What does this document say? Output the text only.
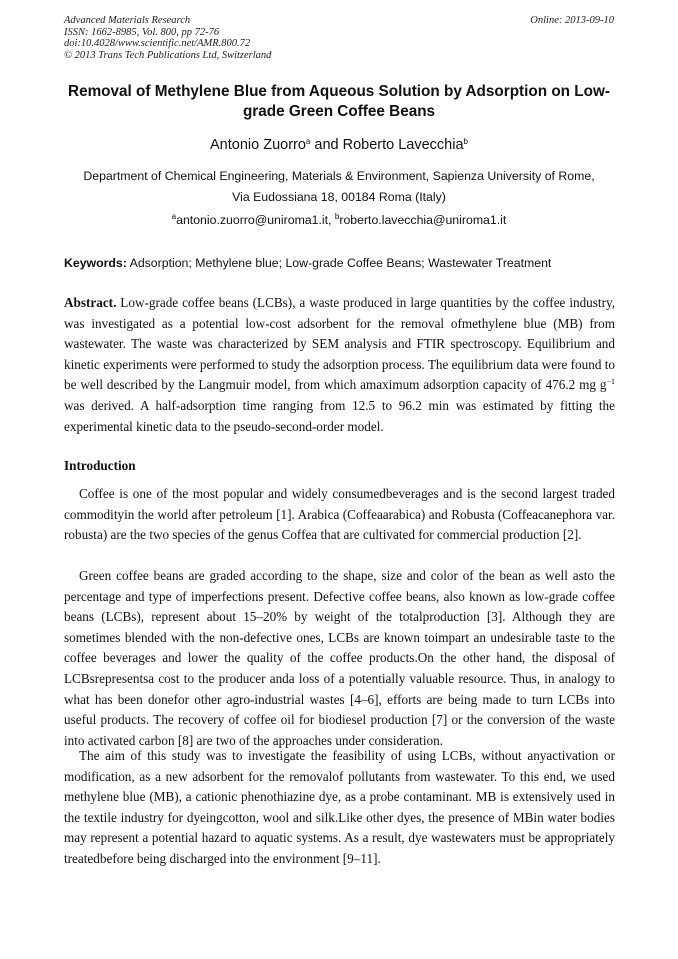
Advanced Materials Research
ISSN: 1662-8985, Vol. 800, pp 72-76
doi:10.4028/www.scientific.net/AMR.800.72
© 2013 Trans Tech Publications Ltd, Switzerland
Online: 2013-09-10
Removal of Methylene Blue from Aqueous Solution by Adsorption on Low-grade Green Coffee Beans
Antonio Zuorro$^a$ and Roberto Lavecchia$^b$
Department of Chemical Engineering, Materials & Environment, Sapienza University of Rome,
Via Eudossiana 18, 00184 Roma (Italy)
$^a$antonio.zuorro@uniroma1.it, $^b$roberto.lavecchia@uniroma1.it
Keywords: Adsorption; Methylene blue; Low-grade Coffee Beans; Wastewater Treatment
Abstract. Low-grade coffee beans (LCBs), a waste produced in large quantities by the coffee industry, was investigated as a potential low-cost adsorbent for the removal ofmethylene blue (MB) from wastewater. The waste was characterized by SEM analysis and FTIR spectroscopy. Equilibrium and kinetic experiments were performed to study the adsorption process. The equilibrium data were found to be well described by the Langmuir model, from which amaximum adsorption capacity of 476.2 mg $g^{-1}$ was derived. A half-adsorption time ranging from 12.5 to 96.2 min was estimated by fitting the experimental kinetic data to the pseudo-second-order model.
Introduction

Coffee is one of the most popular and widely consumedbeverages and is the second largest traded commodityin the world after petroleum [1]. Arabica (Coffeaarabica) and Robusta (Coffeacanephora var. robusta) are the two species of the genus Coffea that are cultivated for commercial production [2].

Green coffee beans are graded according to the shape, size and color of the bean as well asto the percentage and type of imperfections present. Defective coffee beans, also known as low-grade coffee beans (LCBs), represent about 15–20% by weight of the totalproduction [3]. Although they are sometimes blended with the non-defective ones, LCBs are known toimpart an undesirable taste to the coffee beverages and lower the quality of the coffee products.On the other hand, the disposal of LCBsrepresentsa cost to the producer anda loss of a potentially valuable resource. Thus, in analogy to what has been donefor other agro-industrial wastes [4–6], efforts are being made to turn LCBs into useful products. The recovery of coffee oil for biodiesel production [7] or the conversion of the waste into activated carbon [8] are two of the approaches under consideration.

The aim of this study was to investigate the feasibility of using LCBs, without anyactivation or modification, as a new adsorbent for the removalof pollutants from wastewater. To this end, we used methylene blue (MB), a cationic phenothiazine dye, as a probe contaminant. MB is extensively used in the textile industry for dyeingcotton, wool and silk.Like other dyes, the presence of MBin water bodies may represent a potential hazard to aquatic systems. As a result, dye wastewaters must be appropriately treatedbefore being discharged into the environment [9–11].
